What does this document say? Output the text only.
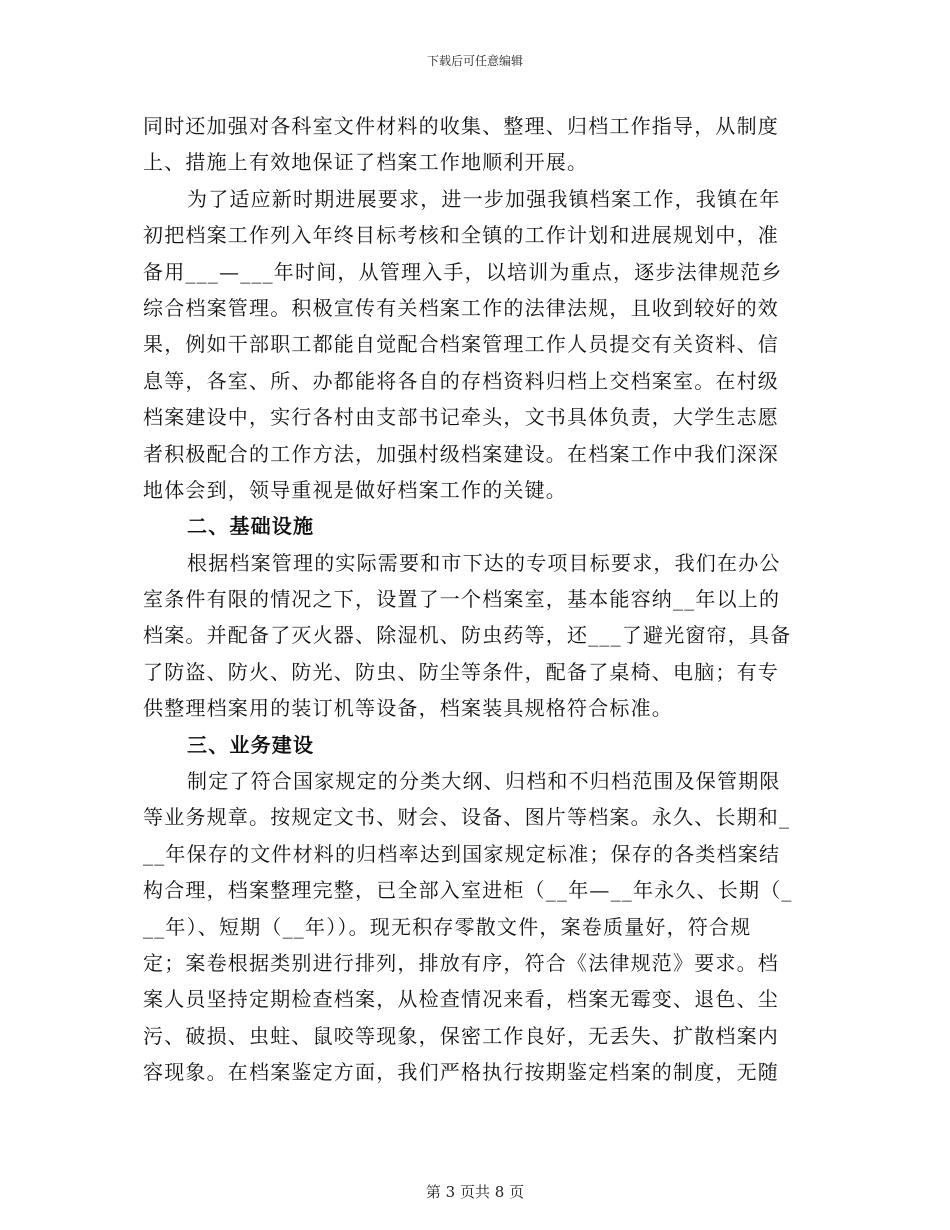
下载后可任意编辑
同时还加强对各科室文件材料的收集、整理、归档工作指导，从制度
上、措施上有效地保证了档案工作地顺利开展。
为了适应新时期进展要求，进一步加强我镇档案工作，我镇在年
初把档案工作列入年终目标考核和全镇的工作计划和进展规划中，准
备用___—___年时间，从管理入手，以培训为重点，逐步法律规范乡
综合档案管理。积极宣传有关档案工作的法律法规，且收到较好的效
果，例如干部职工都能自觉配合档案管理工作人员提交有关资料、信
息等，各室、所、办都能将各自的存档资料归档上交档案室。在村级
档案建设中，实行各村由支部书记牵头，文书具体负责，大学生志愿
者积极配合的工作方法，加强村级档案建设。在档案工作中我们深深
地体会到，领导重视是做好档案工作的关键。
二、基础设施
根据档案管理的实际需要和市下达的专项目标要求，我们在办公
室条件有限的情况之下，设置了一个档案室，基本能容纳__年以上的
档案。并配备了灭火器、除湿机、防虫药等，还___了避光窗帘，具备
了防盗、防火、防光、防虫、防尘等条件，配备了桌椅、电脑；有专
供整理档案用的装订机等设备，档案装具规格符合标准。
三、业务建设
制定了符合国家规定的分类大纲、归档和不归档范围及保管期限
等业务规章。按规定文书、财会、设备、图片等档案。永久、长期和_
__年保存的文件材料的归档率达到国家规定标准；保存的各类档案结
构合理，档案整理完整，已全部入室进柜（__年—__年永久、长期（_
__年）、短期（__年））。现无积存零散文件，案卷质量好，符合规
定；案卷根据类别进行排列，排放有序，符合《法律规范》要求。档
案人员坚持定期检查档案，从检查情况来看，档案无霉变、退色、尘
污、破损、虫蛀、鼠咬等现象，保密工作良好，无丢失、扩散档案内
容现象。在档案鉴定方面，我们严格执行按期鉴定档案的制度，无随
第 3 页共 8 页
